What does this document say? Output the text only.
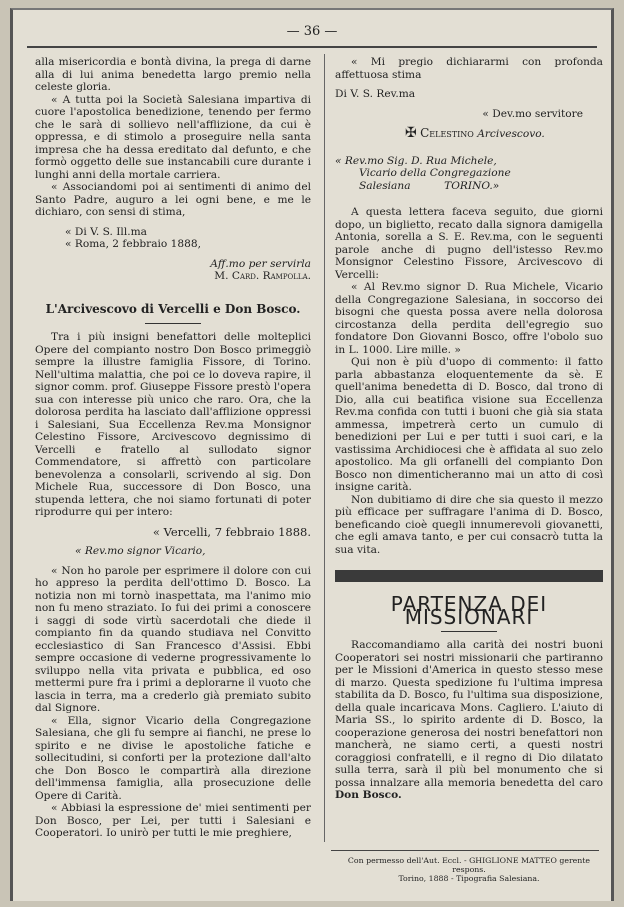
— 36 —

alla misericordia e bontà divina, la prega di darne alla di lui anima benedetta largo premio nella celeste gloria.

« A tutta poi la Società Salesiana impartiva di cuore l'apostolica benedizione, tenendo per fermo che le sarà di sollievo nell'afflizione, da cui è oppressa, e di stimolo a proseguire nella santa impresa che ha dessa ereditato dal defunto, e che formò oggetto delle sue instancabili cure durante i lunghi anni della mortale carriera.

« Associandomi poi ai sentimenti di animo del Santo Padre, auguro a lei ogni bene, e me le dichiaro, con sensi di stima,

« Di V. S. Ill.ma

« Roma, 2 febbraio 1888,

Aff.mo per servirla

M. Card. Rampolla.

L'Arcivescovo di Vercelli e Don Bosco.

Tra i più insigni benefattori delle molteplici Opere del compianto nostro Don Bosco primeggiò sempre la illustre famiglia Fissore, di Torino. Nell'ultima malattia, che poi ce lo doveva rapire, il signor comm. prof. Giuseppe Fissore prestò l'opera sua con interesse più unico che raro. Ora, che la dolorosa perdita ha lasciato dall'afflizione oppressi i Salesiani, Sua Eccellenza Rev.ma Monsignor Celestino Fissore, Arcivescovo degnissimo di Vercelli e fratello al sullodato signor Commendatore, si affrettò con particolare benevolenza a consolarli, scrivendo al sig. Don Michele Rua, successore di Don Bosco, una stupenda lettera, che noi siamo fortunati di poter riprodurre qui per intero:

« Vercelli, 7 febbraio 1888.

« Rev.mo signor Vicario,

« Non ho parole per esprimere il dolore con cui ho appreso la perdita dell'ottimo D. Bosco. La notizia non mi tornò inaspettata, ma l'animo mio non fu meno straziato. Io fui dei primi a conoscere i saggi di sode virtù sacerdotali che diede il compianto fin da quando studiava nel Convitto ecclesiastico di San Francesco d'Assisi. Ebbi sempre occasione di vederne progressivamente lo sviluppo nella vita privata e pubblica, ed oso mettermi pure fra i primi a deplorarne il vuoto che lascia in terra, ma a crederlo già premiato subito dal Signore.

« Ella, signor Vicario della Congregazione Salesiana, che gli fu sempre ai fianchi, ne prese lo spirito e ne divise le apostoliche fatiche e sollecitudini, si conforti per la protezione dall'alto che Don Bosco le compartirà alla direzione dell'immensa famiglia, alla prosecuzione delle Opere di Carità.

« Abbiasi la espressione de' miei sentimenti per Don Bosco, per Lei, per tutti i Salesiani e Cooperatori. Io unirò per tutti le mie preghiere,

« Mi pregio dichiararmi con profonda affettuosa stima

Di V. S. Rev.ma

« Dev.mo servitore

✠ Celestino Arcivescovo.

« Rev.mo Sig. D. Rua Michele,

Vicario della Congregazione

Salesiana          TORINO.»

A questa lettera faceva seguito, due giorni dopo, un biglietto, recato dalla signora damigella Antonia, sorella a S. E. Rev.ma, con le seguenti parole anche di pugno dell'istesso Rev.mo Monsignor Celestino Fissore, Arcivescovo di Vercelli:

« Al Rev.mo signor D. Rua Michele, Vicario della Congregazione Salesiana, in soccorso dei bisogni che questa possa avere nella dolorosa circostanza della perdita dell'egregio suo fondatore Don Giovanni Bosco, offre l'obolo suo in L. 1000. Lire mille. »

Qui non è più d'uopo di commento: il fatto parla abbastanza eloquentemente da sè. E quell'anima benedetta di D. Bosco, dal trono di Dio, alla cui beatifica visione sua Eccellenza Rev.ma confida con tutti i buoni che già sia stata ammessa, impetrerà certo un cumulo di benedizioni per Lui e per tutti i suoi cari, e la vastissima Archidiocesi che è affidata al suo zelo apostolico. Ma gli orfanelli del compianto Don Bosco non dimenticheranno mai un atto di così insigne carità.

Non dubitiamo di dire che sia questo il mezzo più efficace per suffragare l'anima di D. Bosco, beneficando cioè quegli innumerevoli giovanetti, che egli amava tanto, e per cui consacrò tutta la sua vita.

PARTENZA DEI MISSIONARI

Raccomandiamo alla carità dei nostri buoni Cooperatori sei nostri missionarii che partiranno per le Missioni d'America in questo stesso mese di marzo. Questa spedizione fu l'ultima impresa stabilita da D. Bosco, fu l'ultima sua disposizione, della quale incaricava Mons. Cagliero. L'aiuto di Maria SS., lo spirito ardente di D. Bosco, la cooperazione generosa dei nostri benefattori non mancherà, ne siamo certi, a questi nostri coraggiosi confratelli, e il regno di Dio dilatato sulla terra, sarà il più bel monumento che si possa innalzare alla memoria benedetta del caro Don Bosco.

Con permesso dell'Aut. Eccl. - GHIGLIONE MATTEO gerente respons.
Torino, 1888 - Tipografia Salesiana.
